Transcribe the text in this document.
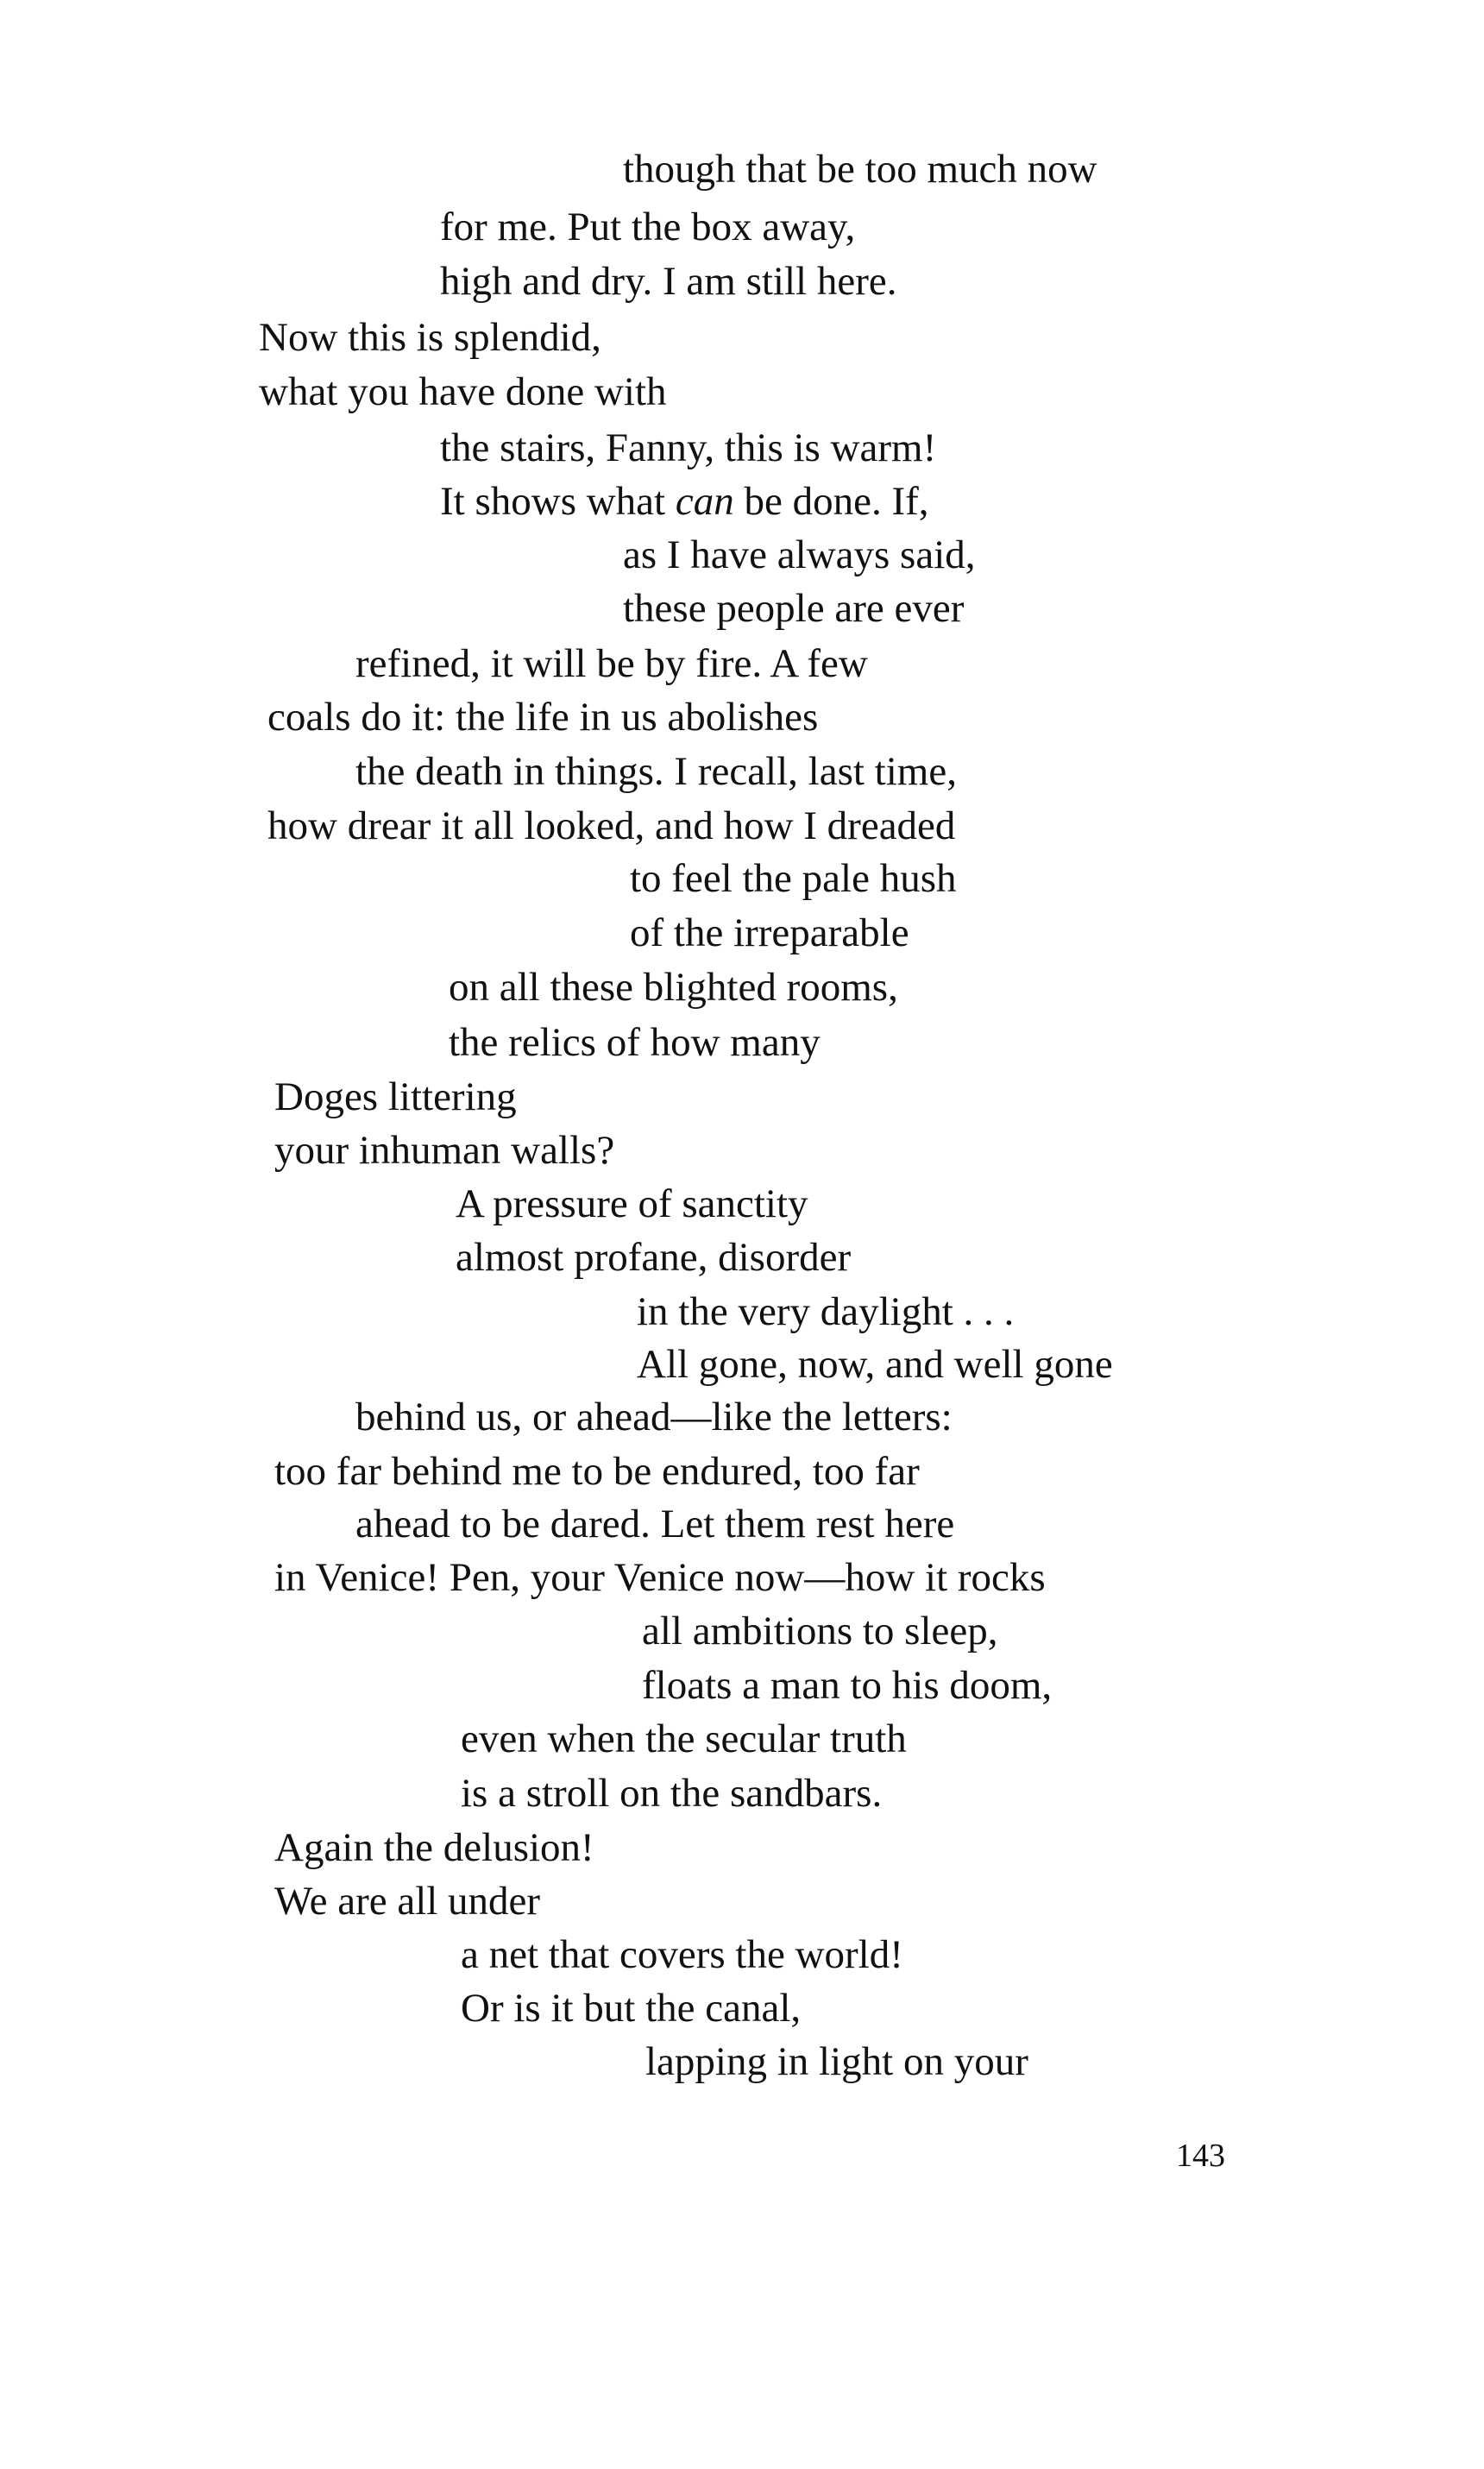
though that be too much now
for me. Put the box away,
high and dry. I am still here.
Now this is splendid,
what you have done with
the stairs, Fanny, this is warm!
It shows what can be done. If,
as I have always said,
these people are ever
refined, it will be by fire. A few
coals do it: the life in us abolishes
the death in things. I recall, last time,
how drear it all looked, and how I dreaded
to feel the pale hush
of the irreparable
on all these blighted rooms,
the relics of how many
Doges littering
your inhuman walls?
A pressure of sanctity
almost profane, disorder
in the very daylight . . .
All gone, now, and well gone
behind us, or ahead—like the letters:
too far behind me to be endured, too far
ahead to be dared. Let them rest here
in Venice! Pen, your Venice now—how it rocks
all ambitions to sleep,
floats a man to his doom,
even when the secular truth
is a stroll on the sandbars.
Again the delusion!
We are all under
a net that covers the world!
Or is it but the canal,
lapping in light on your
143
